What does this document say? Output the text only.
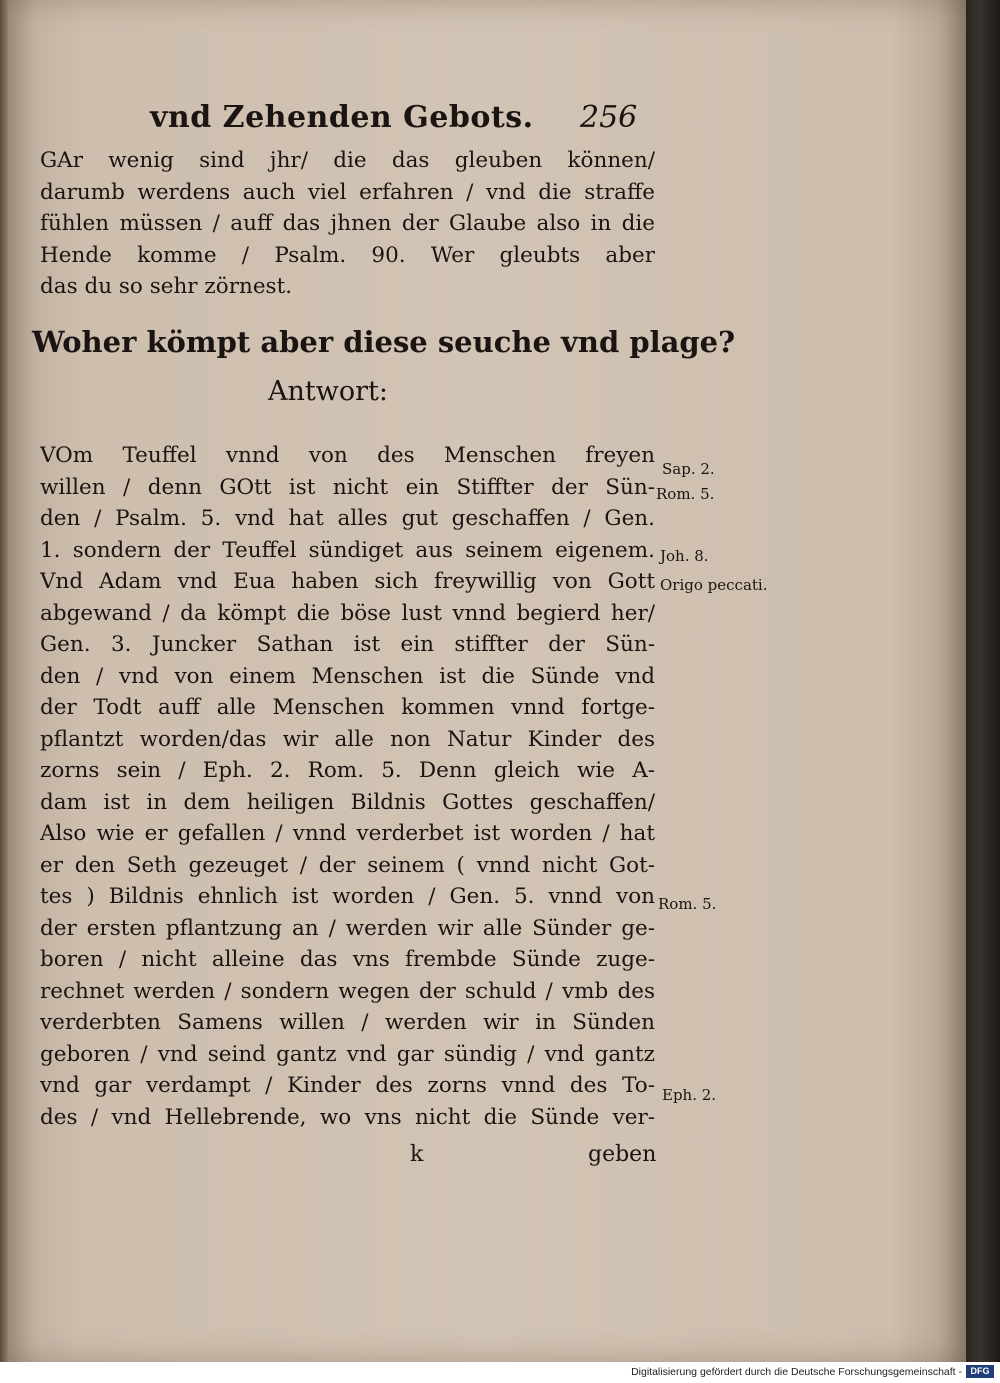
vnd Zehenden Gebots. 256
GAr wenig sind jhr/ die das gleuben können/
darumb werdens auch viel erfahren / vnd die straffe
fühlen müssen / auff das jhnen der Glaube also in die
Hende komme / Psalm. 90. Wer gleubts aber
das du so sehr zörnest.
Woher kömpt aber diese seuche vnd plage?
Antwort:
VOm Teuffel vnnd von des Menschen freyen
willen / denn GOtt ist nicht ein Stiffter der Sün-
den / Psalm. 5. vnd hat alles gut geschaffen / Gen.
1. sondern der Teuffel sündiget aus seinem eigenem.
Vnd Adam vnd Eua haben sich freywillig von Gott
abgewand / da kömpt die böse lust vnnd begierd her/
Gen. 3. Juncker Sathan ist ein stiffter der Sün-
den / vnd von einem Menschen ist die Sünde vnd
der Todt auff alle Menschen kommen vnnd fortge-
pflantzt worden/das wir alle non Natur Kinder des
zorns sein / Eph. 2. Rom. 5. Denn gleich wie A-
dam ist in dem heiligen Bildnis Gottes geschaffen/
Also wie er gefallen / vnnd verderbet ist worden / hat
er den Seth gezeuget / der seinem ( vnnd nicht Got-
tes ) Bildnis ehnlich ist worden / Gen. 5. vnnd von
der ersten pflantzung an / werden wir alle Sünder ge-
boren / nicht alleine das vns frembde Sünde zuge-
rechnet werden / sondern wegen der schuld / vmb des
verderbten Samens willen / werden wir in Sünden
geboren / vnd seind gantz vnd gar sündig / vnd gantz
vnd gar verdampt / Kinder des zorns vnnd des To-
des / vnd Hellebrende, wo vns nicht die Sünde ver-
Sap. 2.
Rom. 5.
Joh. 8.
Origo peccati.
Rom. 5.
Eph. 2.
k	geben
Digitalisierung gefördert durch die Deutsche Forschungsgemeinschaft - DFG
